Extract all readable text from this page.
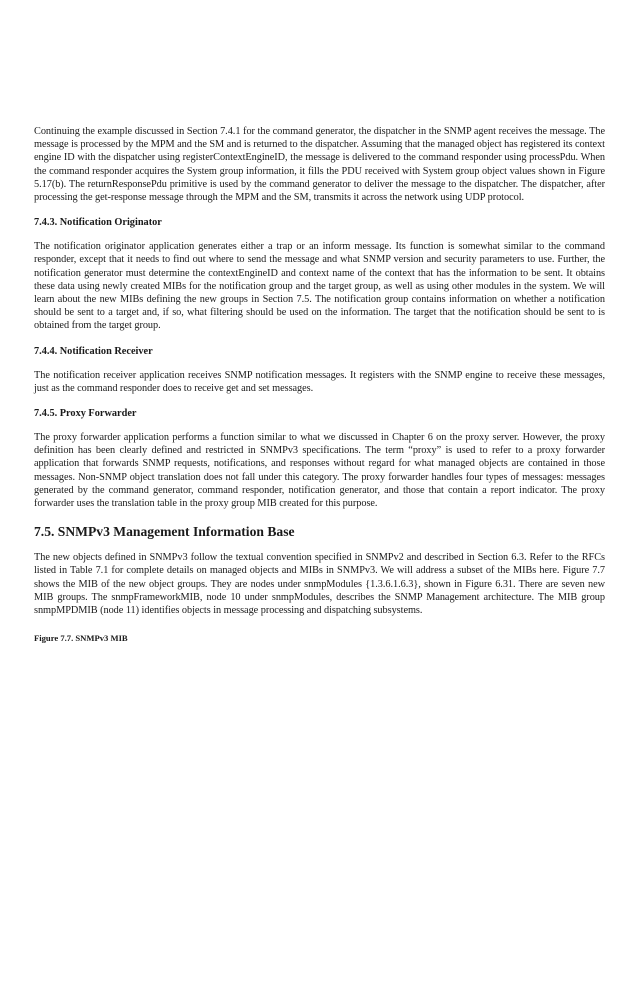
Continuing the example discussed in Section 7.4.1 for the command generator, the dispatcher in the SNMP agent receives the message. The message is processed by the MPM and the SM and is returned to the dispatcher. Assuming that the managed object has registered its context engine ID with the dispatcher using registerContextEngineID, the message is delivered to the command responder using processPdu. When the command responder acquires the System group information, it fills the PDU received with System group object values shown in Figure 5.17(b). The returnResponsePdu primitive is used by the command generator to deliver the message to the dispatcher. The dispatcher, after processing the get-response message through the MPM and the SM, transmits it across the network using UDP protocol.

7.4.3. Notification Originator

The notification originator application generates either a trap or an inform message. Its function is somewhat similar to the command responder, except that it needs to find out where to send the message and what SNMP version and security parameters to use. Further, the notification generator must determine the contextEngineID and context name of the context that has the information to be sent. It obtains these data using newly created MIBs for the notification group and the target group, as well as using other modules in the system. We will learn about the new MIBs defining the new groups in Section 7.5. The notification group contains information on whether a notification should be sent to a target and, if so, what filtering should be used on the information. The target that the notification should be sent to is obtained from the target group.

7.4.4. Notification Receiver

The notification receiver application receives SNMP notification messages. It registers with the SNMP engine to receive these messages, just as the command responder does to receive get and set messages.

7.4.5. Proxy Forwarder

The proxy forwarder application performs a function similar to what we discussed in Chapter 6 on the proxy server. However, the proxy definition has been clearly defined and restricted in SNMPv3 specifications. The term “proxy” is used to refer to a proxy forwarder application that forwards SNMP requests, notifications, and responses without regard for what managed objects are contained in those messages. Non-SNMP object translation does not fall under this category. The proxy forwarder handles four types of messages: messages generated by the command generator, command responder, notification generator, and those that contain a report indicator. The proxy forwarder uses the translation table in the proxy group MIB created for this purpose.

7.5. SNMPv3 Management Information Base

The new objects defined in SNMPv3 follow the textual convention specified in SNMPv2 and described in Section 6.3. Refer to the RFCs listed in Table 7.1 for complete details on managed objects and MIBs in SNMPv3. We will address a subset of the MIBs here. Figure 7.7 shows the MIB of the new object groups. They are nodes under snmpModules {1.3.6.1.6.3}, shown in Figure 6.31. There are seven new MIB groups. The snmpFrameworkMIB, node 10 under snmpModules, describes the SNMP Management architecture. The MIB group snmpMPDMIB (node 11) identifies objects in message processing and dispatching subsystems.

Figure 7.7. SNMPv3 MIB
